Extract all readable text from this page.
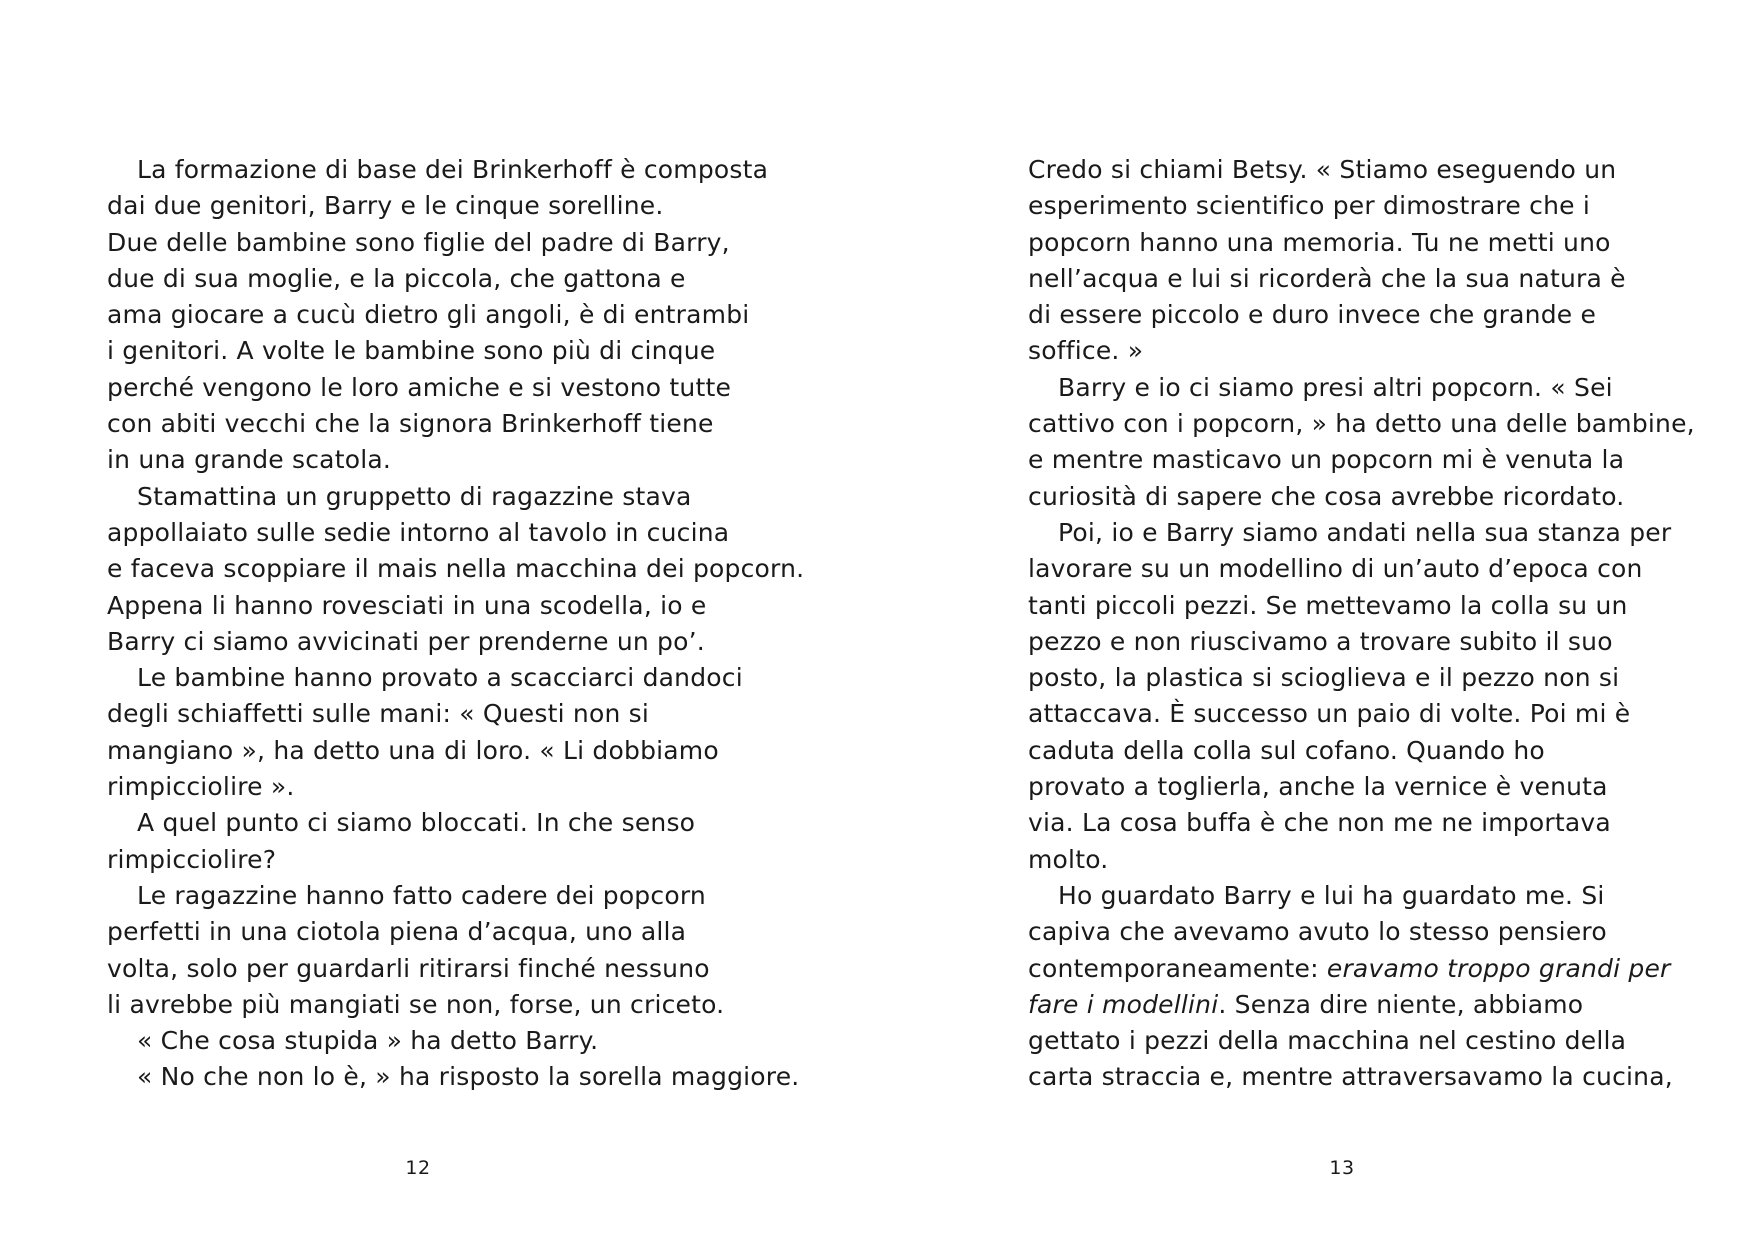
La formazione di base dei Brinkerhoff è composta
dai due genitori, Barry e le cinque sorelline.
Due delle bambine sono figlie del padre di Barry,
due di sua moglie, e la piccola, che gattona e
ama giocare a cucù dietro gli angoli, è di entrambi
i genitori. A volte le bambine sono più di cinque
perché vengono le loro amiche e si vestono tutte
con abiti vecchi che la signora Brinkerhoff tiene
in una grande scatola.
Stamattina un gruppetto di ragazzine stava
appollaiato sulle sedie intorno al tavolo in cucina
e faceva scoppiare il mais nella macchina dei popcorn.
Appena li hanno rovesciati in una scodella, io e
Barry ci siamo avvicinati per prenderne un po’.
Le bambine hanno provato a scacciarci dandoci
degli schiaffetti sulle mani: « Questi non si
mangiano », ha detto una di loro. « Li dobbiamo
rimpicciolire ».
A quel punto ci siamo bloccati. In che senso
rimpicciolire?
Le ragazzine hanno fatto cadere dei popcorn
perfetti in una ciotola piena d’acqua, uno alla
volta, solo per guardarli ritirarsi finché nessuno
li avrebbe più mangiati se non, forse, un criceto.
« Che cosa stupida » ha detto Barry.
« No che non lo è, » ha risposto la sorella maggiore.
12
Credo si chiami Betsy. « Stiamo eseguendo un
esperimento scientifico per dimostrare che i
popcorn hanno una memoria. Tu ne metti uno
nell’acqua e lui si ricorderà che la sua natura è
di essere piccolo e duro invece che grande e
soffice. »
Barry e io ci siamo presi altri popcorn. « Sei
cattivo con i popcorn, » ha detto una delle bambine,
e mentre masticavo un popcorn mi è venuta la
curiosità di sapere che cosa avrebbe ricordato.
Poi, io e Barry siamo andati nella sua stanza per
lavorare su un modellino di un’auto d’epoca con
tanti piccoli pezzi. Se mettevamo la colla su un
pezzo e non riuscivamo a trovare subito il suo
posto, la plastica si scioglieva e il pezzo non si
attaccava. È successo un paio di volte. Poi mi è
caduta della colla sul cofano. Quando ho
provato a toglierla, anche la vernice è venuta
via. La cosa buffa è che non me ne importava
molto.
Ho guardato Barry e lui ha guardato me. Si
capiva che avevamo avuto lo stesso pensiero
contemporaneamente: eravamo troppo grandi per
fare i modellini. Senza dire niente, abbiamo
gettato i pezzi della macchina nel cestino della
carta straccia e, mentre attraversavamo la cucina,
13
